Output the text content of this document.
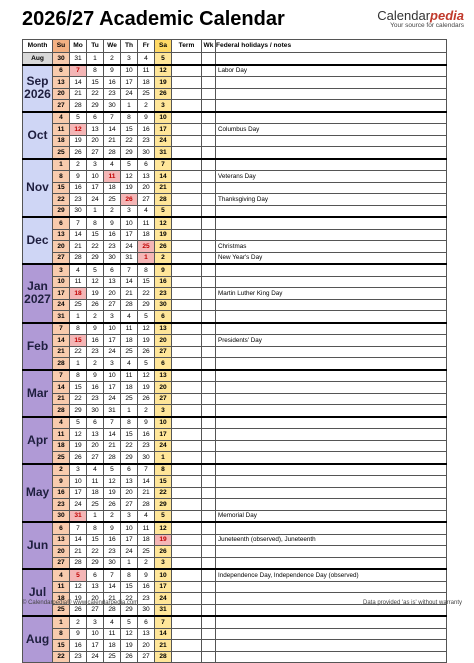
2026/27 Academic Calendar	Calendarpedia
Your source for calendars
Month	Su	Mo	Tu	We	Th	Fr	Sa	Term	Wk	Federal holidays / notes
Aug	30	31	1	2	3	4	5			

Sep
2026	6	7	8	9	10	11	12			Labor Day
	13	14	15	16	17	18	19			
	20	21	22	23	24	25	26			
	27	28	29	30	1	2	3			
Oct	4	5	6	7	8	9	10			
	11	12	13	14	15	16	17			Columbus Day
	18	19	20	21	22	23	24			
	25	26	27	28	29	30	31			
Nov	1	2	3	4	5	6	7			
	8	9	10	11	12	13	14			Veterans Day
	15	16	17	18	19	20	21			
	22	23	24	25	26	27	28			Thanksgiving Day
	29	30	1	2	3	4	5			
Dec	6	7	8	9	10	11	12			
	13	14	15	16	17	18	19			
	20	21	22	23	24	25	26			Christmas
	27	28	29	30	31	1	2			New Year's Day

Jan
2027	3	4	5	6	7	8	9			
	10	11	12	13	14	15	16			
	17	18	19	20	21	22	23			Martin Luther King Day
	24	25	26	27	28	29	30			
	31	1	2	3	4	5	6			
Feb	7	8	9	10	11	12	13			
	14	15	16	17	18	19	20			Presidents' Day
	21	22	23	24	25	26	27			
	28	1	2	3	4	5	6			
Mar	7	8	9	10	11	12	13			
	14	15	16	17	18	19	20			
	21	22	23	24	25	26	27			
	28	29	30	31	1	2	3			
Apr	4	5	6	7	8	9	10			
	11	12	13	14	15	16	17			
	18	19	20	21	22	23	24			
	25	26	27	28	29	30	1			
May	2	3	4	5	6	7	8			
	9	10	11	12	13	14	15			
	16	17	18	19	20	21	22			
	23	24	25	26	27	28	29			
	30	31	1	2	3	4	5			Memorial Day
Jun	6	7	8	9	10	11	12			
	13	14	15	16	17	18	19			Juneteenth (observed), Juneteenth
	20	21	22	23	24	25	26			
	27	28	29	30	1	2	3			
Jul	4	5	6	7	8	9	10			Independence Day, Independence Day (observed)
	11	12	13	14	15	16	17			
	18	19	20	21	22	23	24			
	25	26	27	28	29	30	31			
Aug	1	2	3	4	5	6	7			
	8	9	10	11	12	13	14			
	15	16	17	18	19	20	21			
	22	23	24	25	26	27	28			
© Calendarpedia® www.calendarpedia.com	Data provided 'as is' without warranty
